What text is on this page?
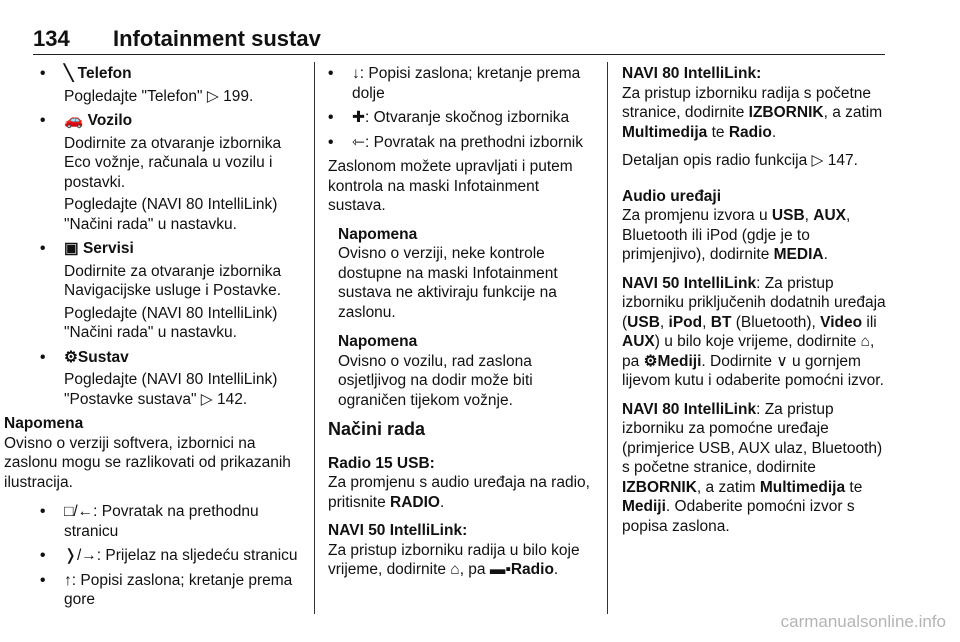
134 Infotainment sustav
• ╲ Telefon
Pogledajte "Telefon" ▷ 199.
• 🚗 Vozilo
Dodirnite za otvaranje izbornika Eco vožnje, računala u vozilu i postavki.
Pogledajte (NAVI 80 IntelliLink) "Načini rada" u nastavku.
• ▣ Servisi
Dodirnite za otvaranje izbornika Navigacijske usluge i Postavke.
Pogledajte (NAVI 80 IntelliLink) "Načini rada" u nastavku.
• ⚙Sustav
Pogledajte (NAVI 80 IntelliLink) "Postavke sustava" ▷ 142.
Napomena
Ovisno o verziji softvera, izbornici na zaslonu mogu se razlikovati od prikazanih ilustracija.
• □/←: Povratak na prethodnu stranicu
• ❭/→: Prijelaz na sljedeću stranicu
• ↑: Popisi zaslona; kretanje prema gore
• ↓: Popisi zaslona; kretanje prema dolje
• ✚: Otvaranje skočnog izbornika
• ⇽: Povratak na prethodni izbornik
Zaslonom možete upravljati i putem kontrola na maski Infotainment sustava.
Napomena
Ovisno o verziji, neke kontrole dostupne na maski Infotainment sustava ne aktiviraju funkcije na zaslonu.
Napomena
Ovisno o vozilu, rad zaslona osjetljivog na dodir može biti ograničen tijekom vožnje.
Načini rada
Radio 15 USB:
Za promjenu s audio uređaja na radio, pritisnite RADIO.
NAVI 50 IntelliLink:
Za pristup izborniku radija u bilo koje vrijeme, dodirnite ⌂, pa ▬▪Radio.
NAVI 80 IntelliLink:
Za pristup izborniku radija s početne stranice, dodirnite IZBORNIK, a zatim Multimedija te Radio.
Detaljan opis radio funkcija ▷ 147.
Audio uređaji
Za promjenu izvora u USB, AUX, Bluetooth ili iPod (gdje je to primjenjivo), dodirnite MEDIA.
NAVI 50 IntelliLink: Za pristup izborniku priključenih dodatnih uređaja (USB, iPod, BT (Bluetooth), Video ili AUX) u bilo koje vrijeme, dodirnite ⌂, pa ⚙Mediji. Dodirnite ∨ u gornjem lijevom kutu i odaberite pomoćni izvor.
NAVI 80 IntelliLink: Za pristup izborniku za pomoćne uređaje (primjerice USB, AUX ulaz, Bluetooth) s početne stranice, dodirnite IZBORNIK, a zatim Multimedija te Mediji. Odaberite pomoćni izvor s popisa zaslona.
carmanualsonline.info
